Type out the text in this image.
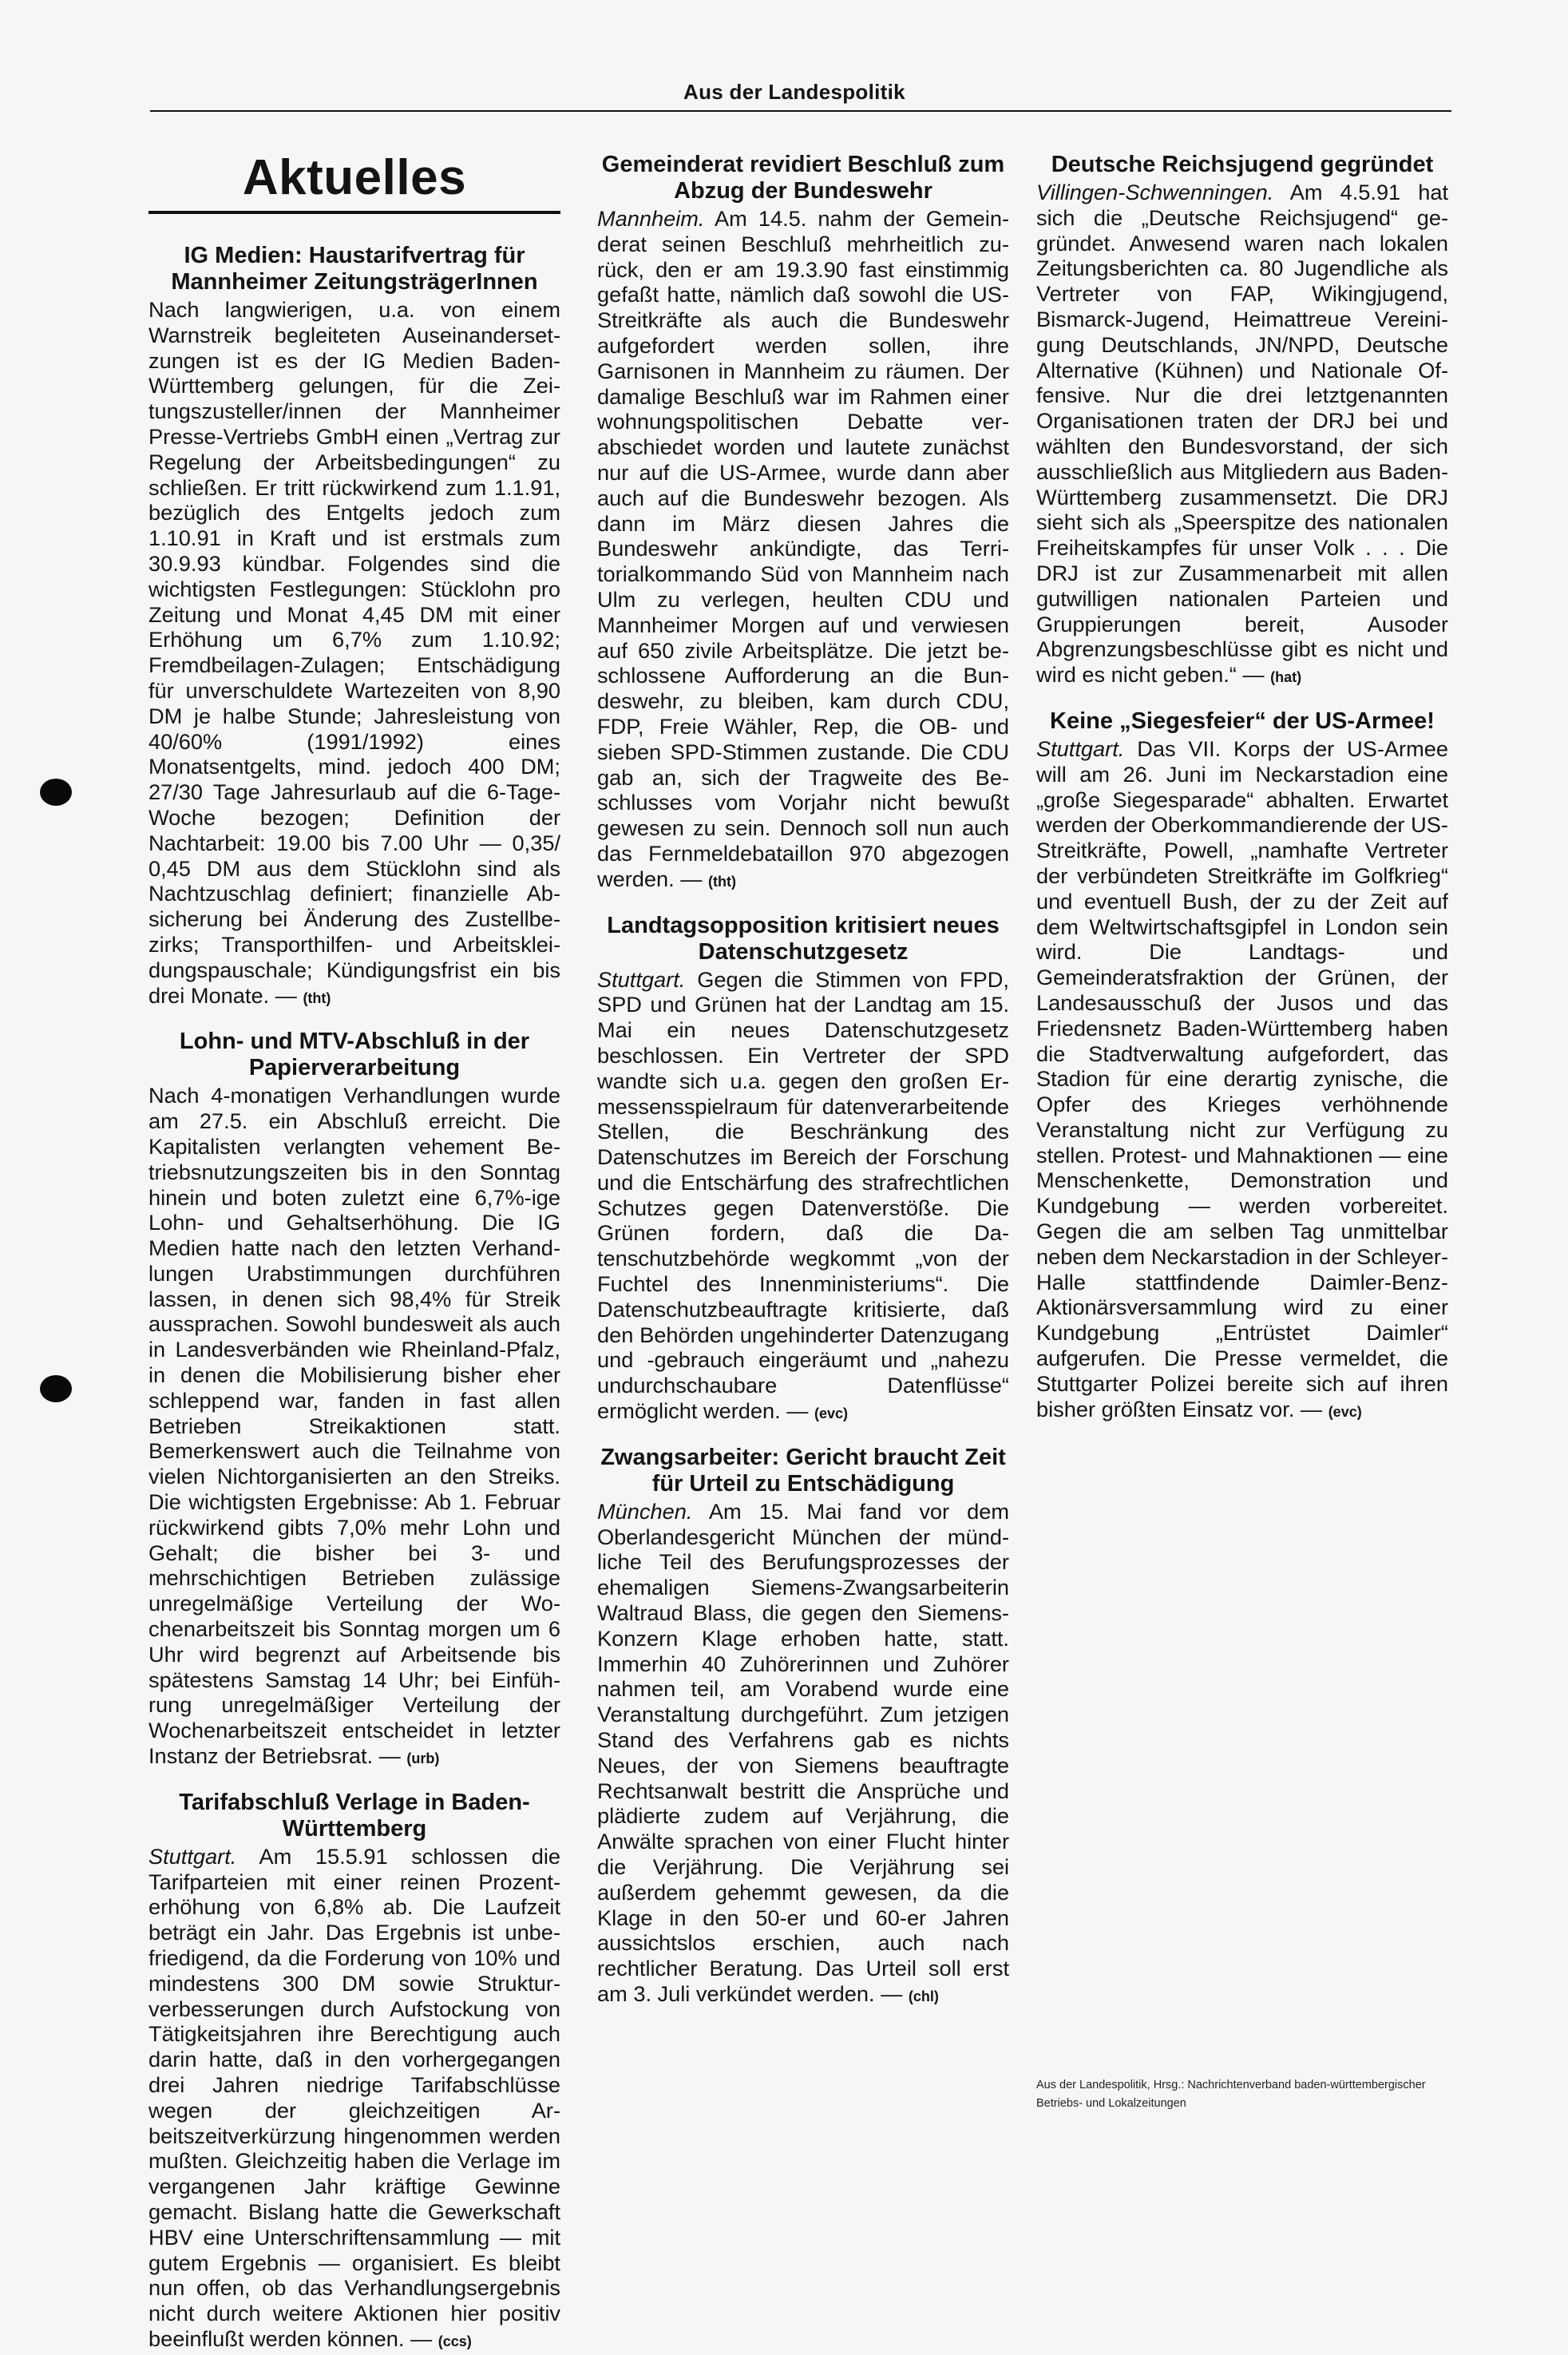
Aus der Landespolitik
Aktuelles
IG Medien: Haustarifvertrag für Mannheimer ZeitungsträgerInnen

Nach langwierigen, u.a. von einem Warnstreik begleiteten Auseinandersetzungen ist es der IG Medien Baden-Württemberg gelungen, für die Zeitungszusteller/innen der Mannheimer Presse-Vertriebs GmbH einen „Vertrag zur Regelung der Arbeitsbedingungen“ zu schließen. Er tritt rückwirkend zum 1.1.91, bezüglich des Entgelts jedoch zum 1.10.91 in Kraft und ist erstmals zum 30.9.93 kündbar. Folgendes sind die wichtigsten Festlegungen: Stücklohn pro Zeitung und Monat 4,45 DM mit einer Erhöhung um 6,7% zum 1.10.92; Fremdbeilagen-Zulagen; Entschädigung für unverschuldete Wartezeiten von 8,90 DM je halbe Stunde; Jahresleistung von 40/60% (1991/1992) eines Monatsentgelts, mind. jedoch 400 DM; 27/30 Tage Jahresurlaub auf die 6-Tage-Woche bezogen; Definition der Nachtarbeit: 19.00 bis 7.00 Uhr — 0,35/ 0,45 DM aus dem Stücklohn sind als Nachtzuschlag definiert; finanzielle Absicherung bei Änderung des Zustellbezirks; Transporthilfen- und Arbeitskleidungspauschale; Kündigungsfrist ein bis drei Monate. — (tht)

Lohn- und MTV-Abschluß in der Papierverarbeitung

Nach 4-monatigen Verhandlungen wurde am 27.5. ein Abschluß erreicht. Die Kapitalisten verlangten vehement Betriebsnutzungszeiten bis in den Sonntag hinein und boten zuletzt eine 6,7%-ige Lohn- und Gehaltserhöhung. Die IG Medien hatte nach den letzten Verhandlungen Urabstimmungen durchführen lassen, in denen sich 98,4% für Streik aussprachen. Sowohl bundesweit als auch in Landesverbänden wie Rheinland-Pfalz, in denen die Mobilisierung bisher eher schleppend war, fanden in fast allen Betrieben Streikaktionen statt. Bemerkenswert auch die Teilnahme von vielen Nichtorganisierten an den Streiks. Die wichtigsten Ergebnisse: Ab 1. Februar rückwirkend gibts 7,0% mehr Lohn und Gehalt; die bisher bei 3- und mehrschichtigen Betrieben zulässige unregelmäßige Verteilung der Wochenarbeitszeit bis Sonntag morgen um 6 Uhr wird begrenzt auf Arbeitsende bis spätestens Samstag 14 Uhr; bei Einführung unregelmäßiger Verteilung der Wochenarbeitszeit entscheidet in letzter Instanz der Betriebsrat. — (urb)

Tarifabschluß Verlage in Baden-Württemberg

Stuttgart. Am 15.5.91 schlossen die Tarifparteien mit einer reinen Prozenterhöhung von 6,8% ab. Die Laufzeit beträgt ein Jahr. Das Ergebnis ist unbefriedigend, da die Forderung von 10% und mindestens 300 DM sowie Strukturverbesserungen durch Aufstockung von Tätigkeitsjahren ihre Berechtigung auch darin hatte, daß in den vorhergegangen drei Jahren niedrige Tarifabschlüsse wegen der gleichzeitigen Arbeitszeitverkürzung hingenommen werden mußten. Gleichzeitig haben die Verlage im vergangenen Jahr kräftige Gewinne gemacht. Bislang hatte die Gewerkschaft HBV eine Unterschriftensammlung — mit gutem Ergebnis — organisiert. Es bleibt nun offen, ob das Verhandlungsergebnis nicht durch weitere Aktionen hier positiv beeinflußt werden können. — (ccs)

Gemeinderat revidiert Beschluß zum Abzug der Bundeswehr

Mannheim. Am 14.5. nahm der Gemeinderat seinen Beschluß mehrheitlich zurück, den er am 19.3.90 fast einstimmig gefaßt hatte, nämlich daß sowohl die US-Streitkräfte als auch die Bundeswehr aufgefordert werden sollen, ihre Garnisonen in Mannheim zu räumen. Der damalige Beschluß war im Rahmen einer wohnungspolitischen Debatte verabschiedet worden und lautete zunächst nur auf die US-Armee, wurde dann aber auch auf die Bundeswehr bezogen. Als dann im März diesen Jahres die Bundeswehr ankündigte, das Territorialkommando Süd von Mannheim nach Ulm zu verlegen, heulten CDU und Mannheimer Morgen auf und verwiesen auf 650 zivile Arbeitsplätze. Die jetzt beschlossene Aufforderung an die Bundeswehr, zu bleiben, kam durch CDU, FDP, Freie Wähler, Rep, die OB- und sieben SPD-Stimmen zustande. Die CDU gab an, sich der Tragweite des Beschlusses vom Vorjahr nicht bewußt gewesen zu sein. Dennoch soll nun auch das Fernmeldebataillon 970 abgezogen werden. — (tht)

Landtagsopposition kritisiert neues Datenschutzgesetz

Stuttgart. Gegen die Stimmen von FPD, SPD und Grünen hat der Landtag am 15. Mai ein neues Datenschutzgesetz beschlossen. Ein Vertreter der SPD wandte sich u.a. gegen den großen Ermessensspielraum für datenverarbeitende Stellen, die Beschränkung des Datenschutzes im Bereich der Forschung und die Entschärfung des strafrechtlichen Schutzes gegen Datenverstöße. Die Grünen fordern, daß die Datenschutzbehörde wegkommt „von der Fuchtel des Innenministeriums“. Die Datenschutzbeauftragte kritisierte, daß den Behörden ungehinderter Datenzugang und -gebrauch eingeräumt und „nahezu undurchschaubare Datenflüsse“ ermöglicht werden. — (evc)

Zwangsarbeiter: Gericht braucht Zeit für Urteil zu Entschädigung

München. Am 15. Mai fand vor dem Oberlandesgericht München der mündliche Teil des Berufungsprozesses der ehemaligen Siemens-Zwangsarbeiterin Waltraud Blass, die gegen den Siemens-Konzern Klage erhoben hatte, statt. Immerhin 40 Zuhörerinnen und Zuhörer nahmen teil, am Vorabend wurde eine Veranstaltung durchgeführt. Zum jetzigen Stand des Verfahrens gab es nichts Neues, der von Siemens beauftragte Rechtsanwalt bestritt die Ansprüche und plädierte zudem auf Verjährung, die Anwälte sprachen von einer Flucht hinter die Verjährung. Die Verjährung sei außerdem gehemmt gewesen, da die Klage in den 50-er und 60-er Jahren aussichtslos erschien, auch nach rechtlicher Beratung. Das Urteil soll erst am 3. Juli verkündet werden. — (chl)

Deutsche Reichsjugend gegründet

Villingen-Schwenningen. Am 4.5.91 hat sich die „Deutsche Reichsjugend“ gegründet. Anwesend waren nach lokalen Zeitungsberichten ca. 80 Jugendliche als Vertreter von FAP, Wikingjugend, Bismarck-Jugend, Heimattreue Vereinigung Deutschlands, JN/NPD, Deutsche Alternative (Kühnen) und Nationale Offensive. Nur die drei letztgenannten Organisationen traten der DRJ bei und wählten den Bundesvorstand, der sich ausschließlich aus Mitgliedern aus Baden-Württemberg zusammensetzt. Die DRJ sieht sich als „Speerspitze des nationalen Freiheitskampfes für unser Volk . . . Die DRJ ist zur Zusammenarbeit mit allen gutwilligen nationalen Parteien und Gruppierungen bereit, Ausoder Abgrenzungsbeschlüsse gibt es nicht und wird es nicht geben.“ — (hat)

Keine „Siegesfeier“ der US-Armee!

Stuttgart. Das VII. Korps der US-Armee will am 26. Juni im Neckarstadion eine „große Siegesparade“ abhalten. Erwartet werden der Oberkommandierende der US-Streitkräfte, Powell, „namhafte Vertreter der verbündeten Streitkräfte im Golfkrieg“ und eventuell Bush, der zu der Zeit auf dem Weltwirtschaftsgipfel in London sein wird. Die Landtags- und Gemeinderatsfraktion der Grünen, der Landesausschuß der Jusos und das Friedensnetz Baden-Württemberg haben die Stadtverwaltung aufgefordert, das Stadion für eine derartig zynische, die Opfer des Krieges verhöhnende Veranstaltung nicht zur Verfügung zu stellen. Protest- und Mahnaktionen — eine Menschenkette, Demonstration und Kundgebung — werden vorbereitet. Gegen die am selben Tag unmittelbar neben dem Neckarstadion in der Schleyer-Halle stattfindende Daimler-Benz-Aktionärsversammlung wird zu einer Kundgebung „Entrüstet Daimler“ aufgerufen. Die Presse vermeldet, die Stuttgarter Polizei bereite sich auf ihren bisher größten Einsatz vor. — (evc)

Aus der Landespolitik, Hrsg.: Nachrichtenverband baden-württembergischer Betriebs- und Lokalzeitungen
